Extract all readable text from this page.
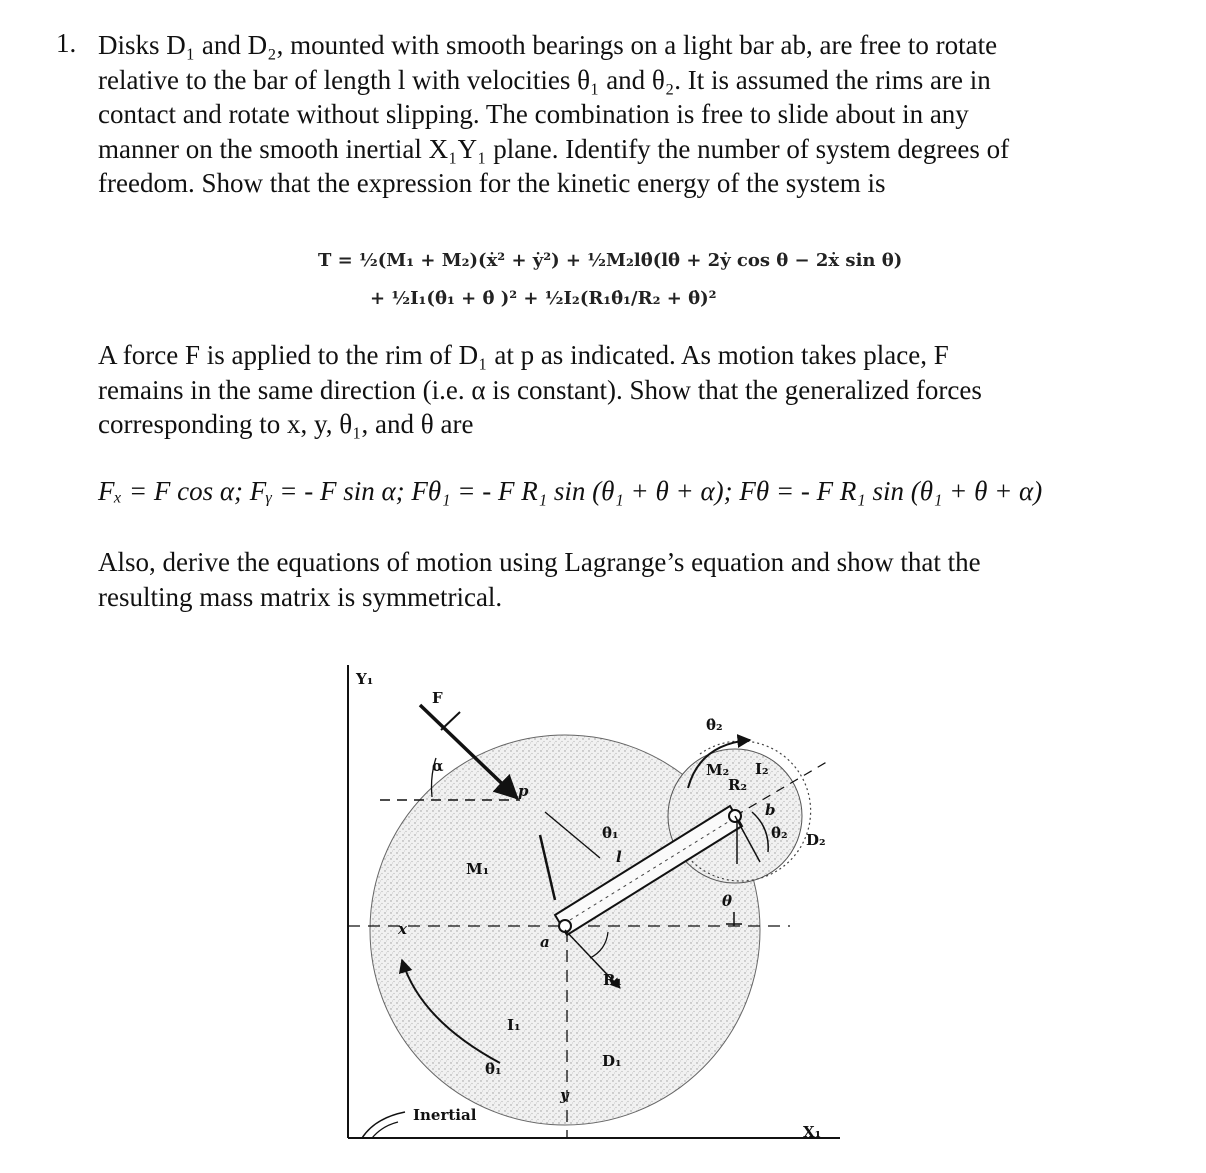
1. Disks D₁ and D₂, mounted with smooth bearings on a light bar ab, are free to rotate
relative to the bar of length l with velocities θ₁ and θ₂. It is assumed the rims are in
contact and rotate without slipping. The combination is free to slide about in any
manner on the smooth inertial X₁Y₁ plane. Identify the number of system degrees of
freedom. Show that the expression for the kinetic energy of the system is
T = ½(M₁ + M₂)(ẋ² + ẏ²) + ½M₂lθ̇(lθ̇ + 2ẏ cos θ − 2ẋ sin θ)
+ ½I₁(θ̇₁ + θ̇ )² + ½I₂(R₁θ̇₁/R₂ + θ̇)²
A force F is applied to the rim of D₁ at p as indicated. As motion takes place, F
remains in the same direction (i.e. α is constant). Show that the generalized forces
corresponding to x, y, θ₁, and θ are
Fₓ = F cos α; Fᵧ = - F sin α; Fθ₁ = - F R₁ sin (θ₁ + θ + α); Fθ = - F R₁ sin (θ₁ + θ + α)
Also, derive the equations of motion using Lagrange’s equation and show that the
resulting mass matrix is symmetrical.
Y₁
X₁
F
α
p
M₁
x
y
θ̇₁
l
a
R₁
I₁
θ̇₁	D₁
θ̇₂
M₂ I₂
R₂
b
θ̇₂ D₂
θ
Inertial
